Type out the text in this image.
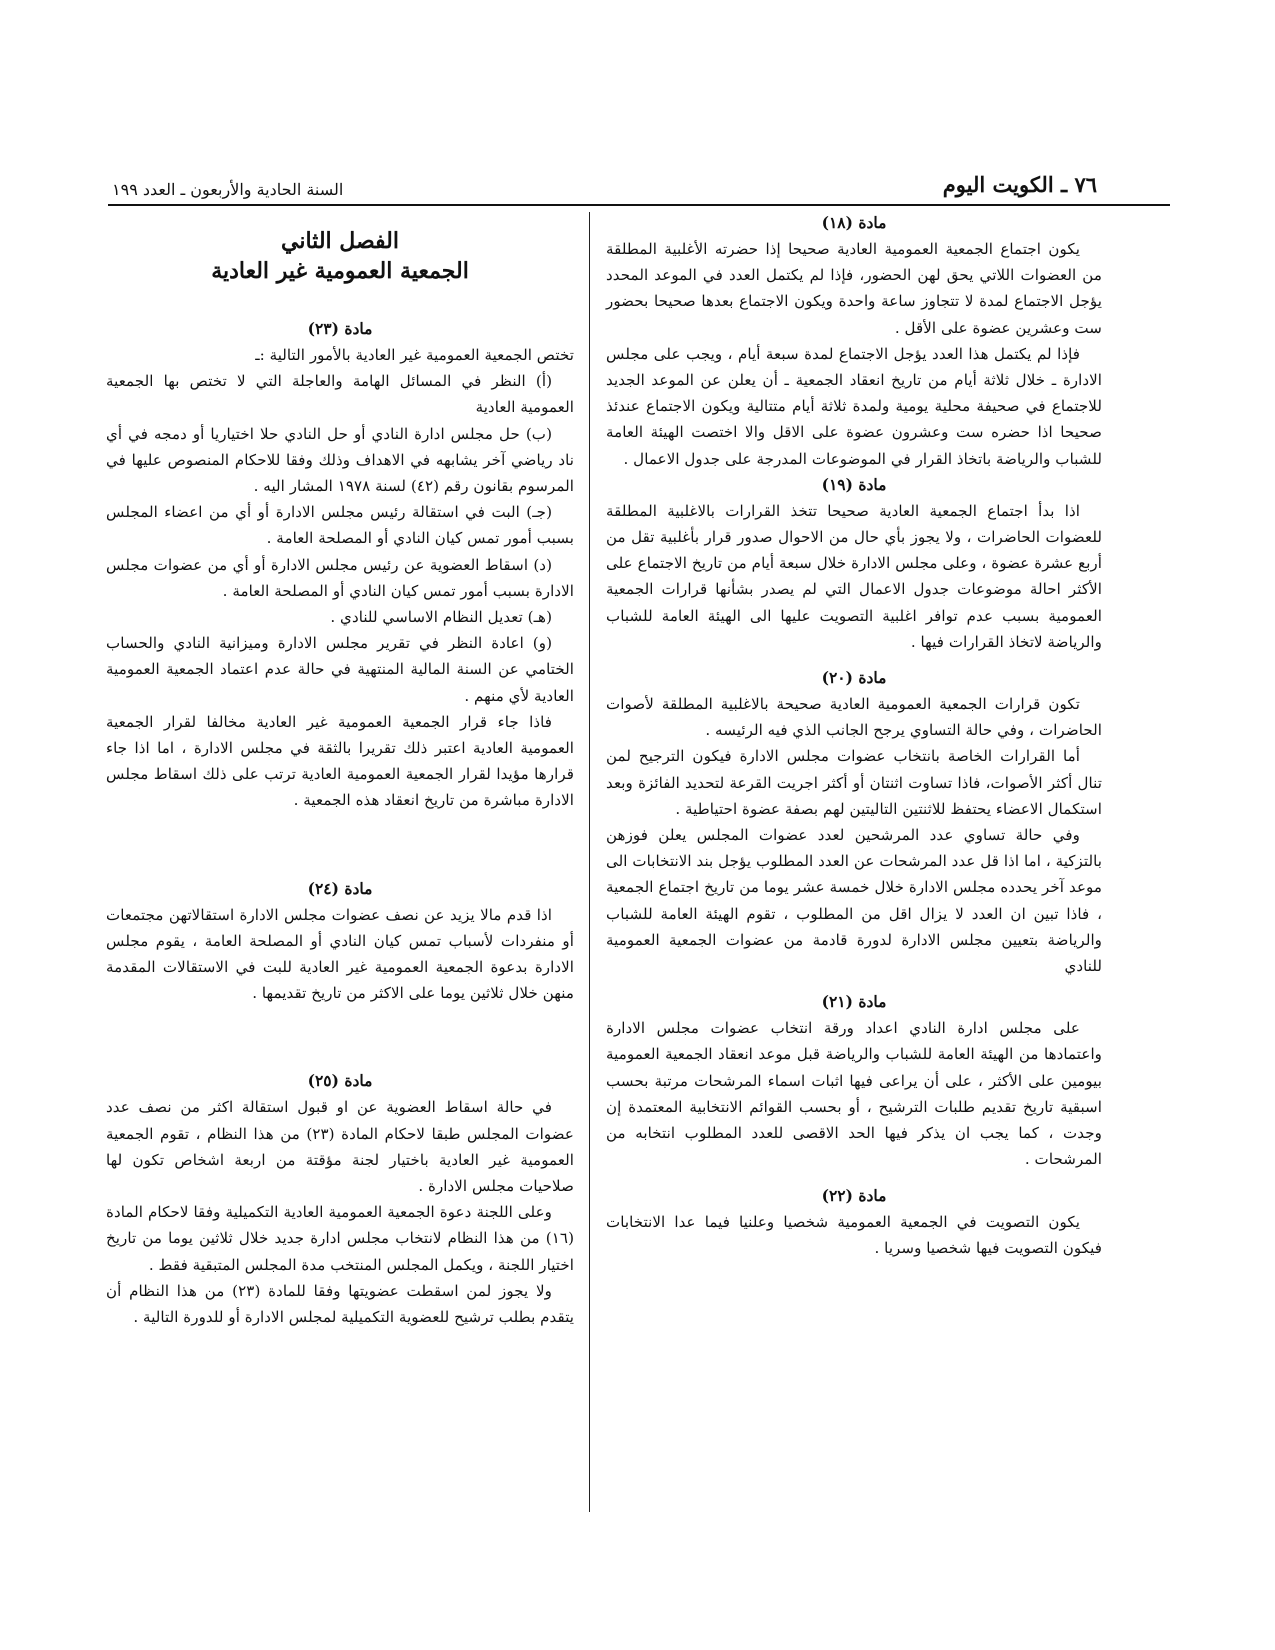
٧٦ ـ الكويت اليوم
السنة الحادية والأربعون ـ العدد ١٩٩
مادة (١٨)

يكون اجتماع الجمعية العمومية العادية صحيحا إذا حضرته الأغلبية المطلقة من العضوات اللاتي يحق لهن الحضور، فإذا لم يكتمل العدد في الموعد المحدد يؤجل الاجتماع لمدة لا تتجاوز ساعة واحدة ويكون الاجتماع بعدها صحيحا بحضور ست وعشرين عضوة على الأقل .

فإذا لم يكتمل هذا العدد يؤجل الاجتماع لمدة سبعة أيام ، ويجب على مجلس الادارة ـ خلال ثلاثة أيام من تاريخ انعقاد الجمعية ـ أن يعلن عن الموعد الجديد للاجتماع في صحيفة محلية يومية ولمدة ثلاثة أيام متتالية ويكون الاجتماع عندئذ صحيحا اذا حضره ست وعشرون عضوة على الاقل والا اختصت الهيئة العامة للشباب والرياضة باتخاذ القرار في الموضوعات المدرجة على جدول الاعمال .

مادة (١٩)

اذا بدأ اجتماع الجمعية العادية صحيحا تتخذ القرارات بالاغلبية المطلقة للعضوات الحاضرات ، ولا يجوز بأي حال من الاحوال صدور قرار بأغلبية تقل من أربع عشرة عضوة ، وعلى مجلس الادارة خلال سبعة أيام من تاريخ الاجتماع على الأكثر احالة موضوعات جدول الاعمال التي لم يصدر بشأنها قرارات الجمعية العمومية بسبب عدم توافر اغلبية التصويت عليها الى الهيئة العامة للشباب والرياضة لاتخاذ القرارات فيها .

مادة (٢٠)

تكون قرارات الجمعية العمومية العادية صحيحة بالاغلبية المطلقة لأصوات الحاضرات ، وفي حالة التساوي يرجح الجانب الذي فيه الرئيسه .

أما القرارات الخاصة بانتخاب عضوات مجلس الادارة فيكون الترجيح لمن تنال أكثر الأصوات، فاذا تساوت اثنتان أو أكثر اجريت القرعة لتحديد الفائزة وبعد استكمال الاعضاء يحتفظ للاثنتين التاليتين لهم بصفة عضوة احتياطية .

وفي حالة تساوي عدد المرشحين لعدد عضوات المجلس يعلن فوزهن بالتزكية ، اما اذا قل عدد المرشحات عن العدد المطلوب يؤجل بند الانتخابات الى موعد آخر يحدده مجلس الادارة خلال خمسة عشر يوما من تاريخ اجتماع الجمعية ، فاذا تبين ان العدد لا يزال اقل من المطلوب ، تقوم الهيئة العامة للشباب والرياضة بتعيين مجلس الادارة لدورة قادمة من عضوات الجمعية العمومية للنادي

مادة (٢١)

على مجلس ادارة النادي اعداد ورقة انتخاب عضوات مجلس الادارة واعتمادها من الهيئة العامة للشباب والرياضة قبل موعد انعقاد الجمعية العمومية بيومين على الأكثر ، على أن يراعى فيها اثبات اسماء المرشحات مرتبة بحسب اسبقية تاريخ تقديم طلبات الترشيح ، أو بحسب القوائم الانتخابية المعتمدة إن وجدت ، كما يجب ان يذكر فيها الحد الاقصى للعدد المطلوب انتخابه من المرشحات .

مادة (٢٢)

يكون التصويت في الجمعية العمومية شخصيا وعلنيا فيما عدا الانتخابات فيكون التصويت فيها شخصيا وسريا .

الفصل الثاني
الجمعية العمومية غير العادية
مادة (٢٣)

تختص الجمعية العمومية غير العادية بالأمور التالية :ـ

(أ) النظر في المسائل الهامة والعاجلة التي لا تختص بها الجمعية العمومية العادية

(ب) حل مجلس ادارة النادي أو حل النادي حلا اختياريا أو دمجه في أي ناد رياضي آخر يشابهه في الاهداف وذلك وفقا للاحكام المنصوص عليها في المرسوم بقانون رقم (٤٢) لسنة ١٩٧٨ المشار اليه .

(جـ) البت في استقالة رئيس مجلس الادارة أو أي من اعضاء المجلس بسبب أمور تمس كيان النادي أو المصلحة العامة .

(د) اسقاط العضوية عن رئيس مجلس الادارة أو أي من عضوات مجلس الادارة بسبب أمور تمس كيان النادي أو المصلحة العامة .

(هـ) تعديل النظام الاساسي للنادي .

(و) اعادة النظر في تقرير مجلس الادارة وميزانية النادي والحساب الختامي عن السنة المالية المنتهية في حالة عدم اعتماد الجمعية العمومية العادية لأي منهم .

فاذا جاء قرار الجمعية العمومية غير العادية مخالفا لقرار الجمعية العمومية العادية اعتبر ذلك تقريرا بالثقة في مجلس الادارة ، اما اذا جاء قرارها مؤيدا لقرار الجمعية العمومية العادية ترتب على ذلك اسقاط مجلس الادارة مباشرة من تاريخ انعقاد هذه الجمعية .

مادة (٢٤)

اذا قدم مالا يزيد عن نصف عضوات مجلس الادارة استقالاتهن مجتمعات أو منفردات لأسباب تمس كيان النادي أو المصلحة العامة ، يقوم مجلس الادارة بدعوة الجمعية العمومية غير العادية للبت في الاستقالات المقدمة منهن خلال ثلاثين يوما على الاكثر من تاريخ تقديمها .

مادة (٢٥)

في حالة اسقاط العضوية عن او قبول استقالة اكثر من نصف عدد عضوات المجلس طبقا لاحكام المادة (٢٣) من هذا النظام ، تقوم الجمعية العمومية غير العادية باختيار لجنة مؤقتة من اربعة اشخاص تكون لها صلاحيات مجلس الادارة .

وعلى اللجنة دعوة الجمعية العمومية العادية التكميلية وفقا لاحكام المادة (١٦) من هذا النظام لانتخاب مجلس ادارة جديد خلال ثلاثين يوما من تاريخ اختيار اللجنة ، ويكمل المجلس المنتخب مدة المجلس المتبقية فقط .

ولا يجوز لمن اسقطت عضويتها وفقا للمادة (٢٣) من هذا النظام أن يتقدم بطلب ترشيح للعضوية التكميلية لمجلس الادارة أو للدورة التالية .
